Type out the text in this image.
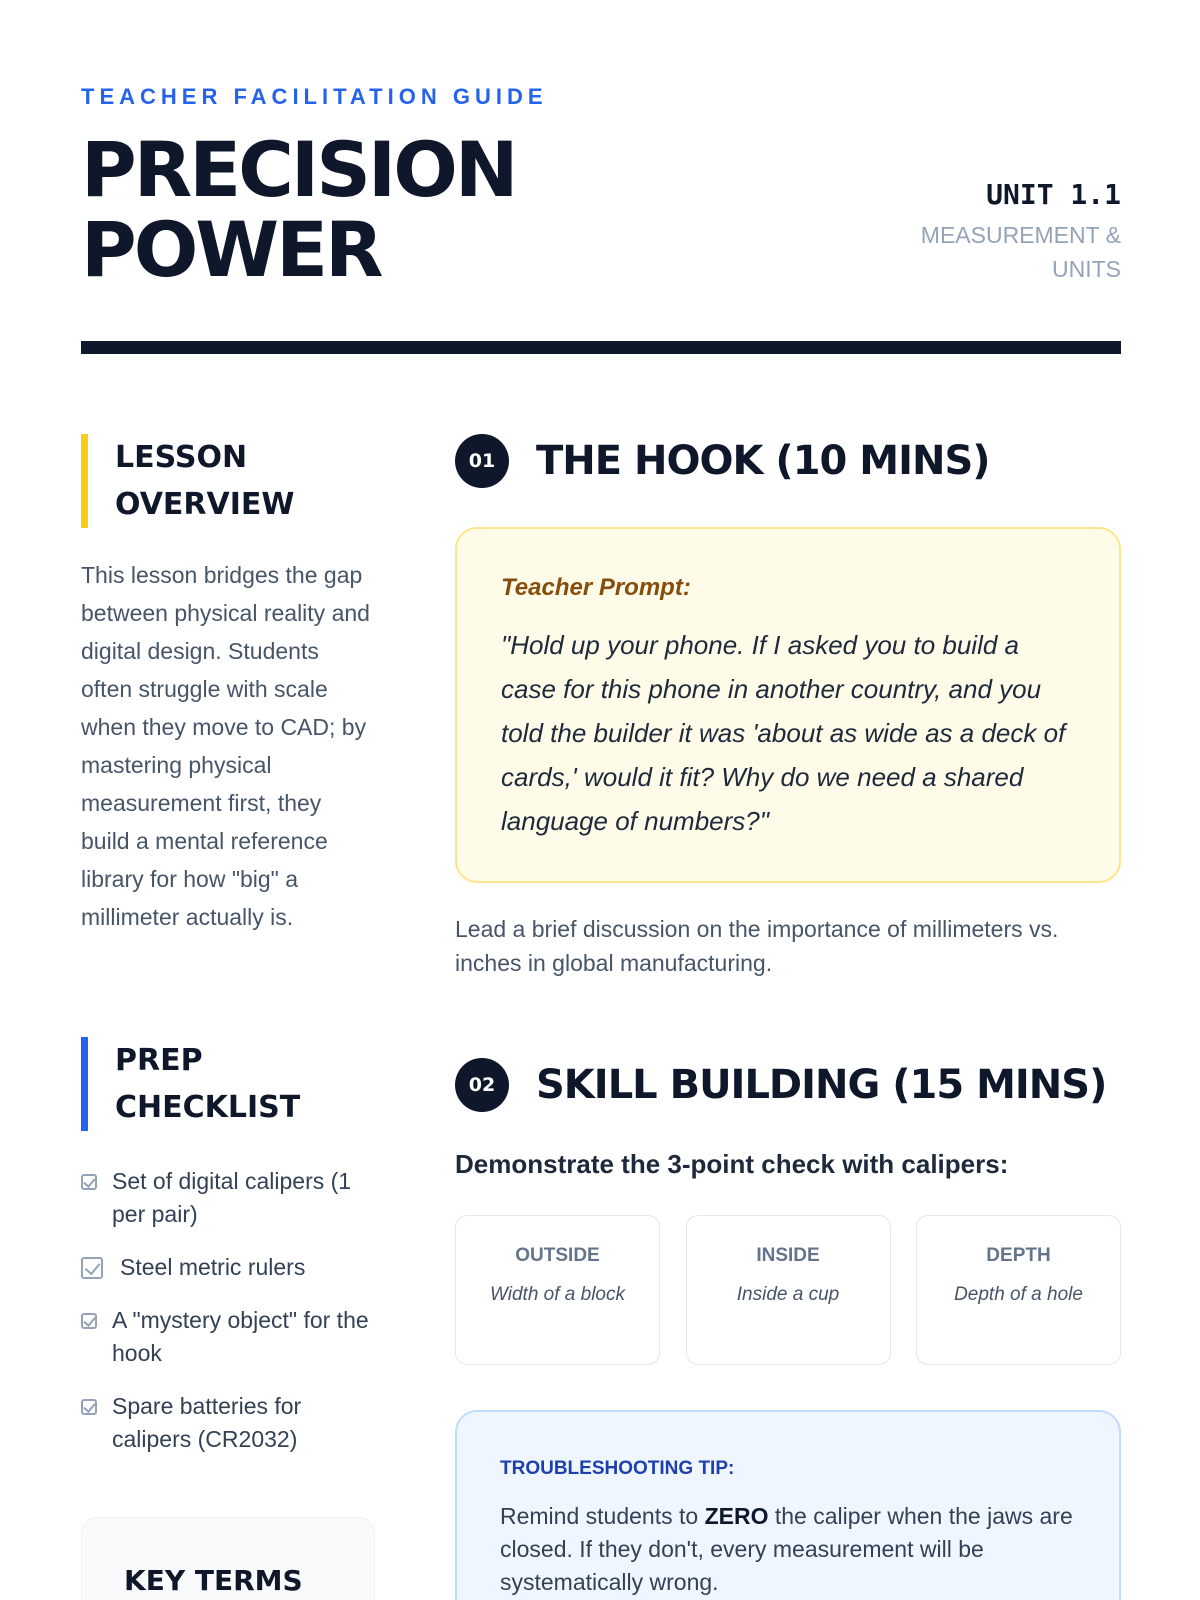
TEACHER FACILITATION GUIDE
PRECISION
POWER
UNIT 1.1
MEASUREMENT & UNITS
LESSON
OVERVIEW

This lesson bridges the gap between physical reality and digital design. Students often struggle with scale when they move to CAD; by mastering physical measurement first, they build a mental reference library for how "big" a millimeter actually is.

PREP
CHECKLIST
Set of digital calipers (1 per pair)
Steel metric rulers
A "mystery object" for the hook
Spare batteries for calipers (CR2032)
KEY TERMS
01	THE HOOK (10 MINS)
Teacher Prompt:

"Hold up your phone. If I asked you to build a case for this phone in another country, and you told the builder it was 'about as wide as a deck of cards,' would it fit? Why do we need a shared language of numbers?"

Lead a brief discussion on the importance of millimeters vs. inches in global manufacturing.

02	SKILL BUILDING (15 MINS)
Demonstrate the 3-point check with calipers:
OUTSIDE
Width of a block
INSIDE
Inside a cup
DEPTH
Depth of a hole
TROUBLESHOOTING TIP:

Remind students to ZERO the caliper when the jaws are closed. If they don't, every measurement will be systematically wrong.
